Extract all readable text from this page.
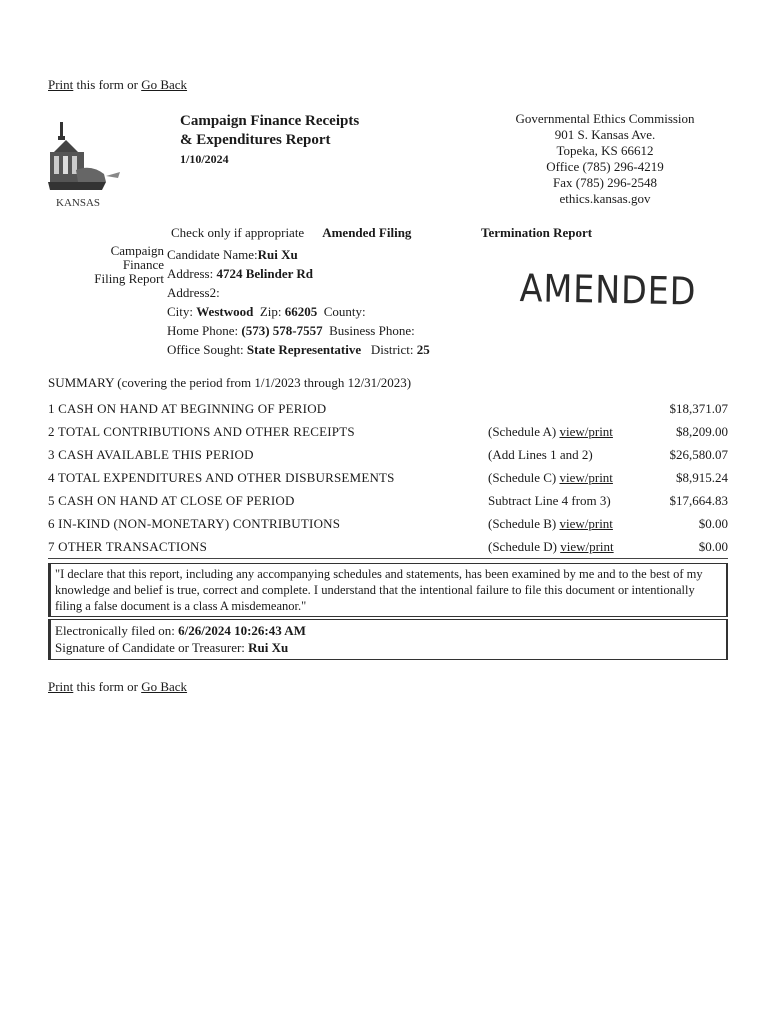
Print this form or Go Back
KANSAS
Campaign Finance Receipts
& Expenditures Report
1/10/2024
Governmental Ethics Commission
901 S. Kansas Ave.
Topeka, KS 66612
Office (785) 296-4219
Fax (785) 296-2548
ethics.kansas.gov
Check only if appropriate Amended Filing	Termination Report
Campaign
Finance
Filing Report
Candidate Name:Rui Xu
Address: 4724 Belinder Rd
Address2:
City: Westwood Zip: 66205 County:
Home Phone: (573) 578-7557 Business Phone:
Office Sought: State Representative District: 25
AMENDED
SUMMARY (covering the period from 1/1/2023 through 12/31/2023)
1 CASH ON HAND AT BEGINNING OF PERIOD		$18,371.07
2 TOTAL CONTRIBUTIONS AND OTHER RECEIPTS	(Schedule A) view/print	$8,209.00
3 CASH AVAILABLE THIS PERIOD	(Add Lines 1 and 2)	$26,580.07
4 TOTAL EXPENDITURES AND OTHER DISBURSEMENTS	(Schedule C) view/print	$8,915.24
5 CASH ON HAND AT CLOSE OF PERIOD	Subtract Line 4 from 3)	$17,664.83
6 IN-KIND (NON-MONETARY) CONTRIBUTIONS	(Schedule B) view/print	$0.00
7 OTHER TRANSACTIONS	(Schedule D) view/print	$0.00
"I declare that this report, including any accompanying schedules and statements, has been examined by me and to the best of my knowledge and belief is true, correct and complete. I understand that the intentional failure to file this document or intentionally filing a false document is a class A misdemeanor."
Electronically filed on: 6/26/2024 10:26:43 AM
Signature of Candidate or Treasurer: Rui Xu
Print this form or Go Back
